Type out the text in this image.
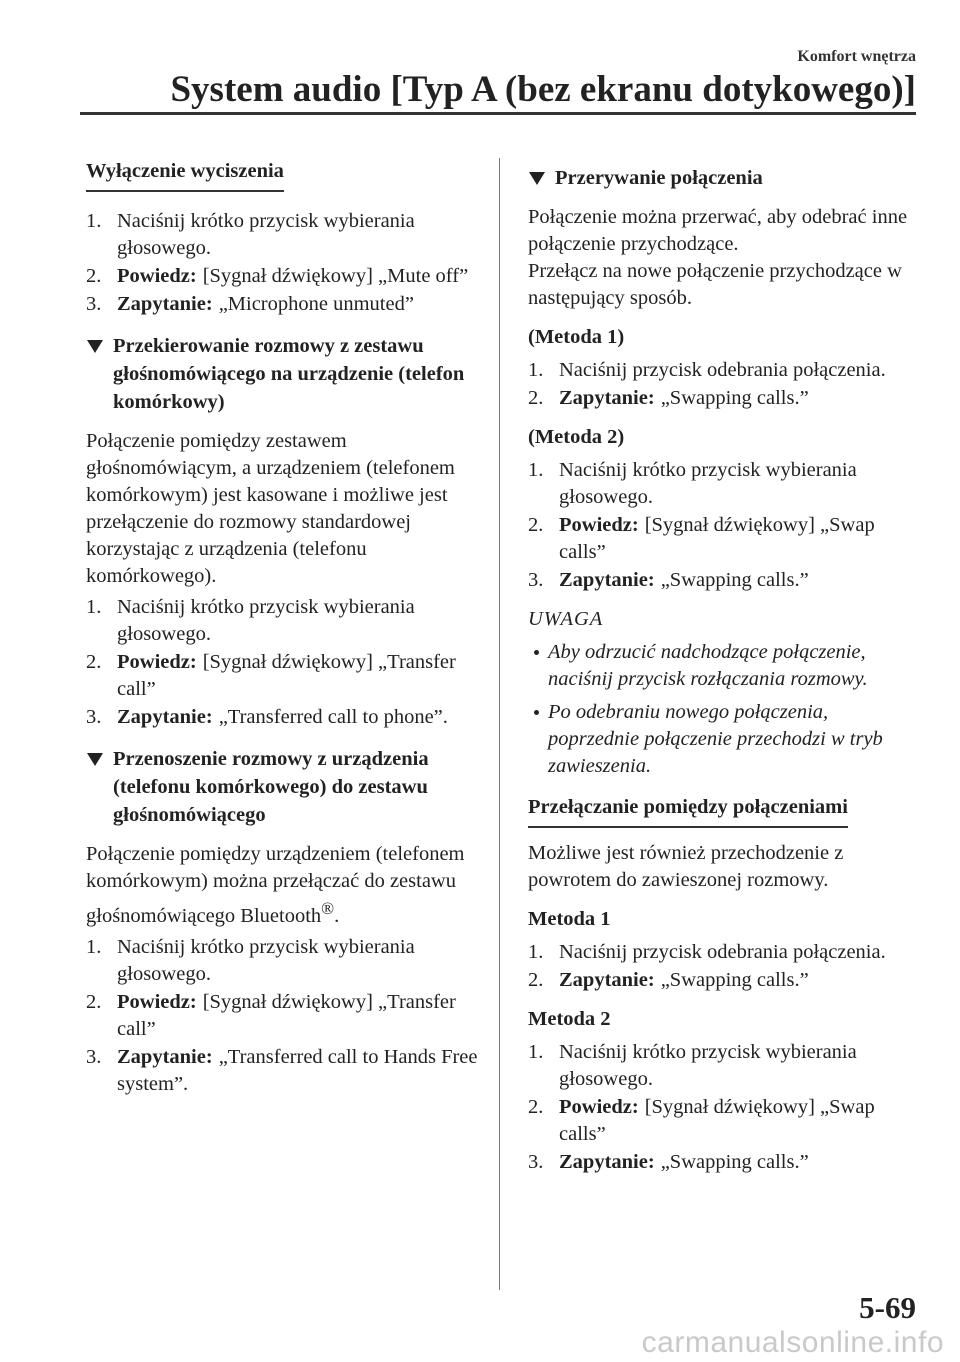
Komfort wnętrza
System audio [Typ A (bez ekranu dotykowego)]
Wyłączenie wyciszenia
1. Naciśnij krótko przycisk wybierania głosowego.
2. Powiedz: [Sygnał dźwiękowy] „Mute off”
3. Zapytanie: „Microphone unmuted”
Przekierowanie rozmowy z zestawu głośnomówiącego na urządzenie (telefon komórkowy)
Połączenie pomiędzy zestawem głośnomówiącym, a urządzeniem (telefonem komórkowym) jest kasowane i możliwe jest przełączenie do rozmowy standardowej korzystając z urządzenia (telefonu komórkowego).
1. Naciśnij krótko przycisk wybierania głosowego.
2. Powiedz: [Sygnał dźwiękowy] „Transfer call”
3. Zapytanie: „Transferred call to phone”.
Przenoszenie rozmowy z urządzenia (telefonu komórkowego) do zestawu głośnomówiącego
Połączenie pomiędzy urządzeniem (telefonem komórkowym) można przełączać do zestawu głośnomówiącego Bluetooth®.
1. Naciśnij krótko przycisk wybierania głosowego.
2. Powiedz: [Sygnał dźwiękowy] „Transfer call”
3. Zapytanie: „Transferred call to Hands Free system”.
Przerywanie połączenia
Połączenie można przerwać, aby odebrać inne połączenie przychodzące.
Przełącz na nowe połączenie przychodzące w następujący sposób.
(Metoda 1)
1. Naciśnij przycisk odebrania połączenia.
2. Zapytanie: „Swapping calls.”
(Metoda 2)
1. Naciśnij krótko przycisk wybierania głosowego.
2. Powiedz: [Sygnał dźwiękowy] „Swap calls”
3. Zapytanie: „Swapping calls.”
UWAGA
Aby odrzucić nadchodzące połączenie, naciśnij przycisk rozłączania rozmowy.
Po odebraniu nowego połączenia, poprzednie połączenie przechodzi w tryb zawieszenia.
Przełączanie pomiędzy połączeniami
Możliwe jest również przechodzenie z powrotem do zawieszonej rozmowy.
Metoda 1
1. Naciśnij przycisk odebrania połączenia.
2. Zapytanie: „Swapping calls.”
Metoda 2
1. Naciśnij krótko przycisk wybierania głosowego.
2. Powiedz: [Sygnał dźwiękowy] „Swap calls”
3. Zapytanie: „Swapping calls.”
5-69
carmanualsonline.info
